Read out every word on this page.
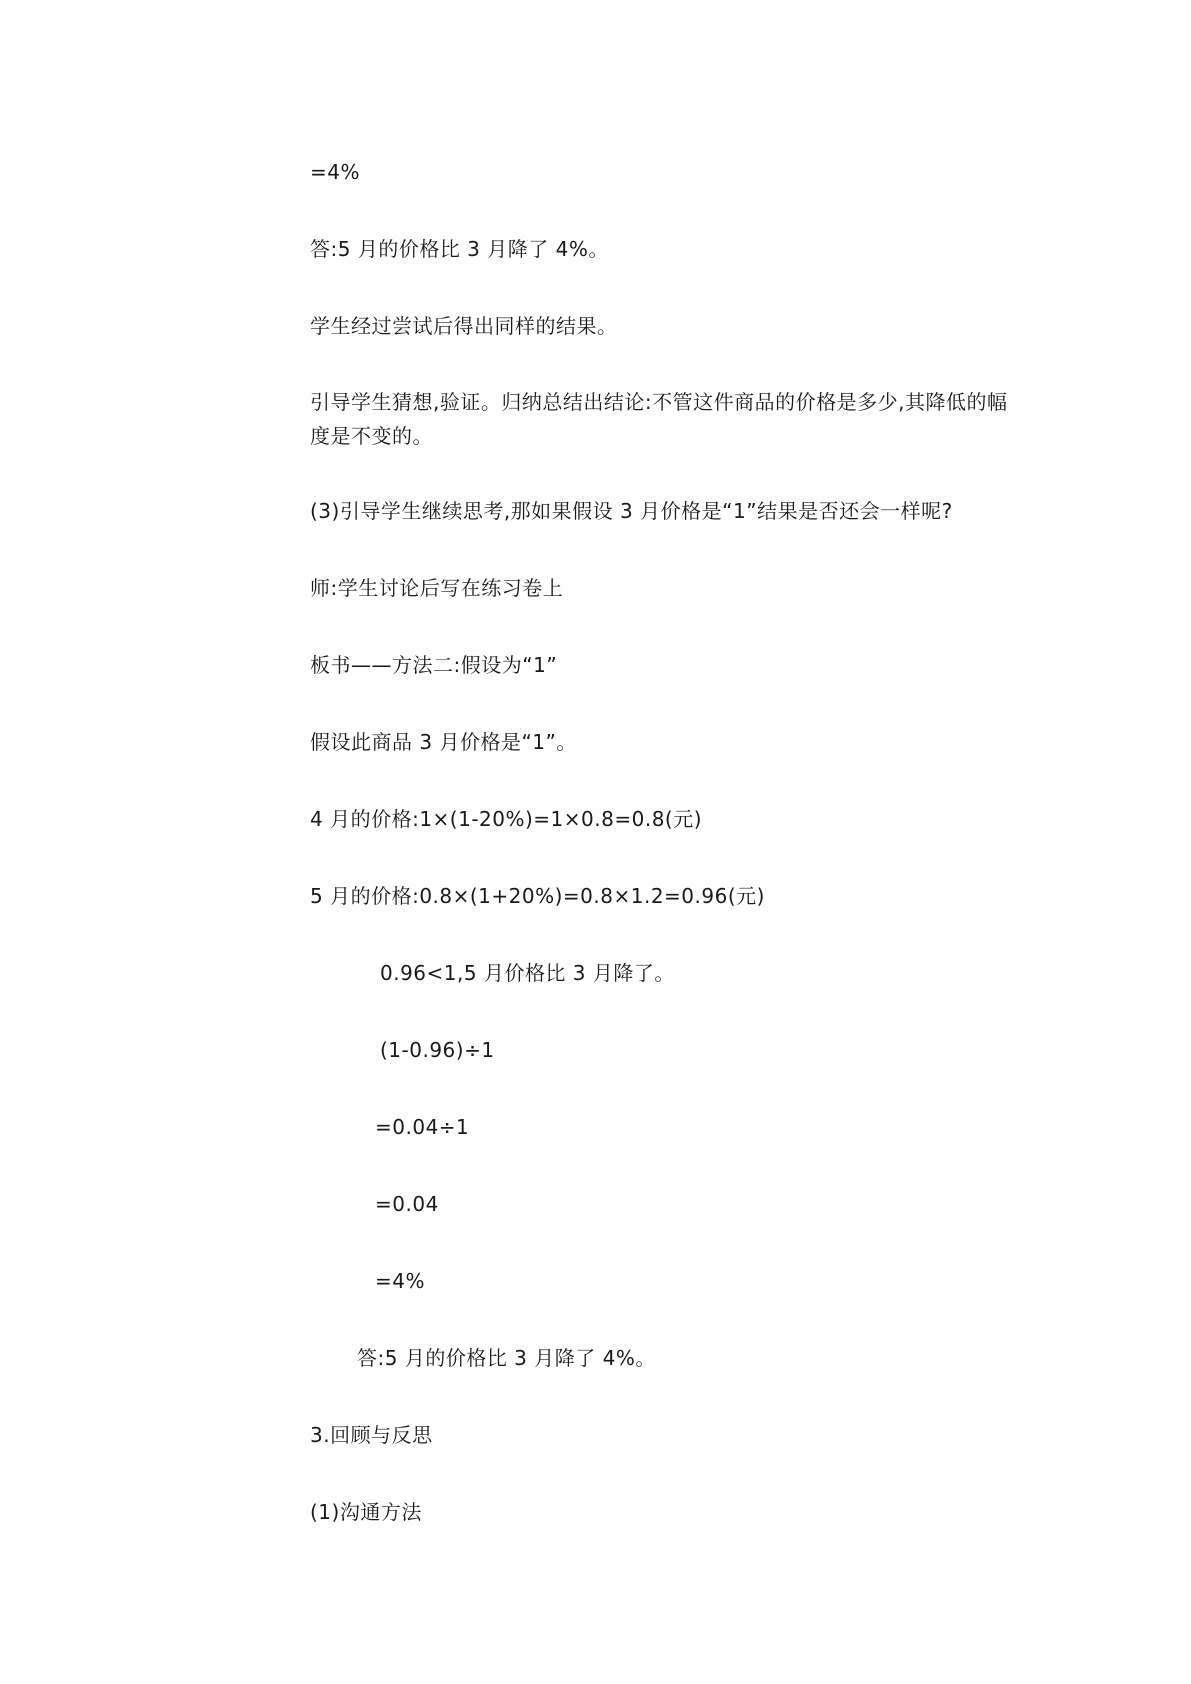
=4%
答:5 月的价格比 3 月降了 4%。
学生经过尝试后得出同样的结果。
引导学生猜想,验证。归纳总结出结论:不管这件商品的价格是多少,其降低的幅度是不变的。
(3)引导学生继续思考,那如果假设 3 月价格是“1”结果是否还会一样呢?
师:学生讨论后写在练习卷上
板书——方法二:假设为“1”
假设此商品 3 月价格是“1”。
4 月的价格:1×(1-20%)=1×0.8=0.8(元)
5 月的价格:0.8×(1+20%)=0.8×1.2=0.96(元)
0.96<1,5 月价格比 3 月降了。
(1-0.96)÷1
=0.04÷1
=0.04
=4%
答:5 月的价格比 3 月降了 4%。
3.回顾与反思
(1)沟通方法
